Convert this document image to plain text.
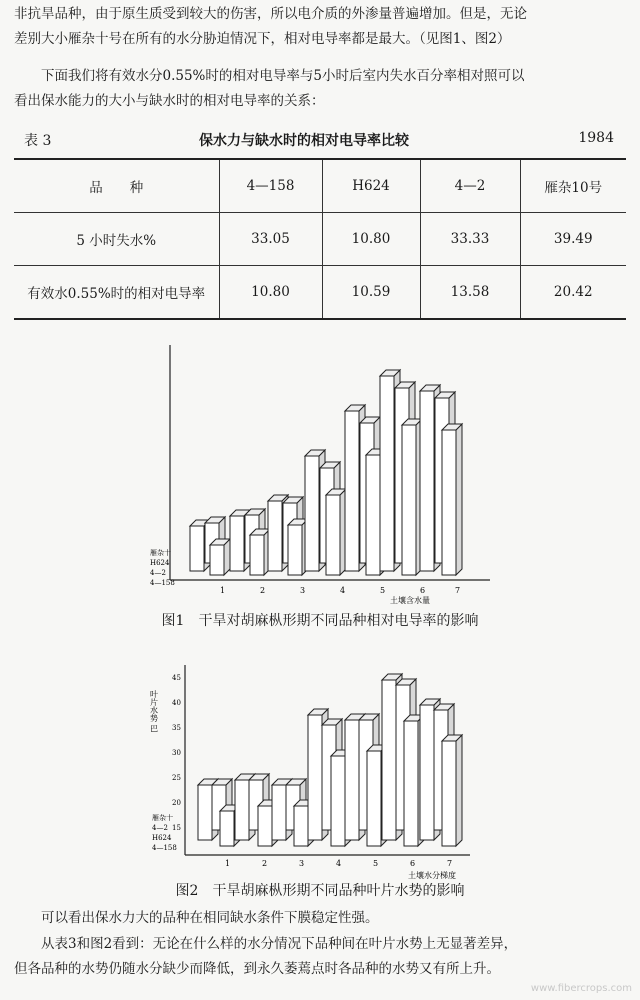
非抗旱品种，由于原生质受到较大的伤害，所以电介质的外渗量普遍增加。但是，无论
差别大小雁杂十号在所有的水分胁迫情况下，相对电导率都是最大。（见图1、图2）

下面我们将有效水分0.55%时的相对电导率与5小时后室内失水百分率相对照可以
看出保水能力的大小与缺水时的相对电导率的关系：

表 3	保水力与缺水时的相对电导率比较	1984
品　　种	4—158	H624	4—2	雁杂10号
5 小时失水%	33.05	10.80	33.33	39.49
有效水0.55%时的相对电导率	10.80	10.59	13.58	20.42
1	2	3	4	5	6	7
土壤含水量
雁杂十
H624
4—2
4—158
图1　干旱对胡麻枞形期不同品种相对电导率的影响
叶片水势 巴
45
40
35
30
25
20
15
1	2	3	4	5	6	7
土壤水分梯度
雁杂十
4—2
H624
4—158
图2　干旱胡麻枞形期不同品种叶片水势的影响

可以看出保水力大的品种在相同缺水条件下膜稳定性强。

从表3和图2看到：无论在什么样的水分情况下品种间在叶片水势上无显著差异，
但各品种的水势仍随水分缺少而降低，到永久萎蔫点时各品种的水势又有所上升。

www.fibercrops.com
